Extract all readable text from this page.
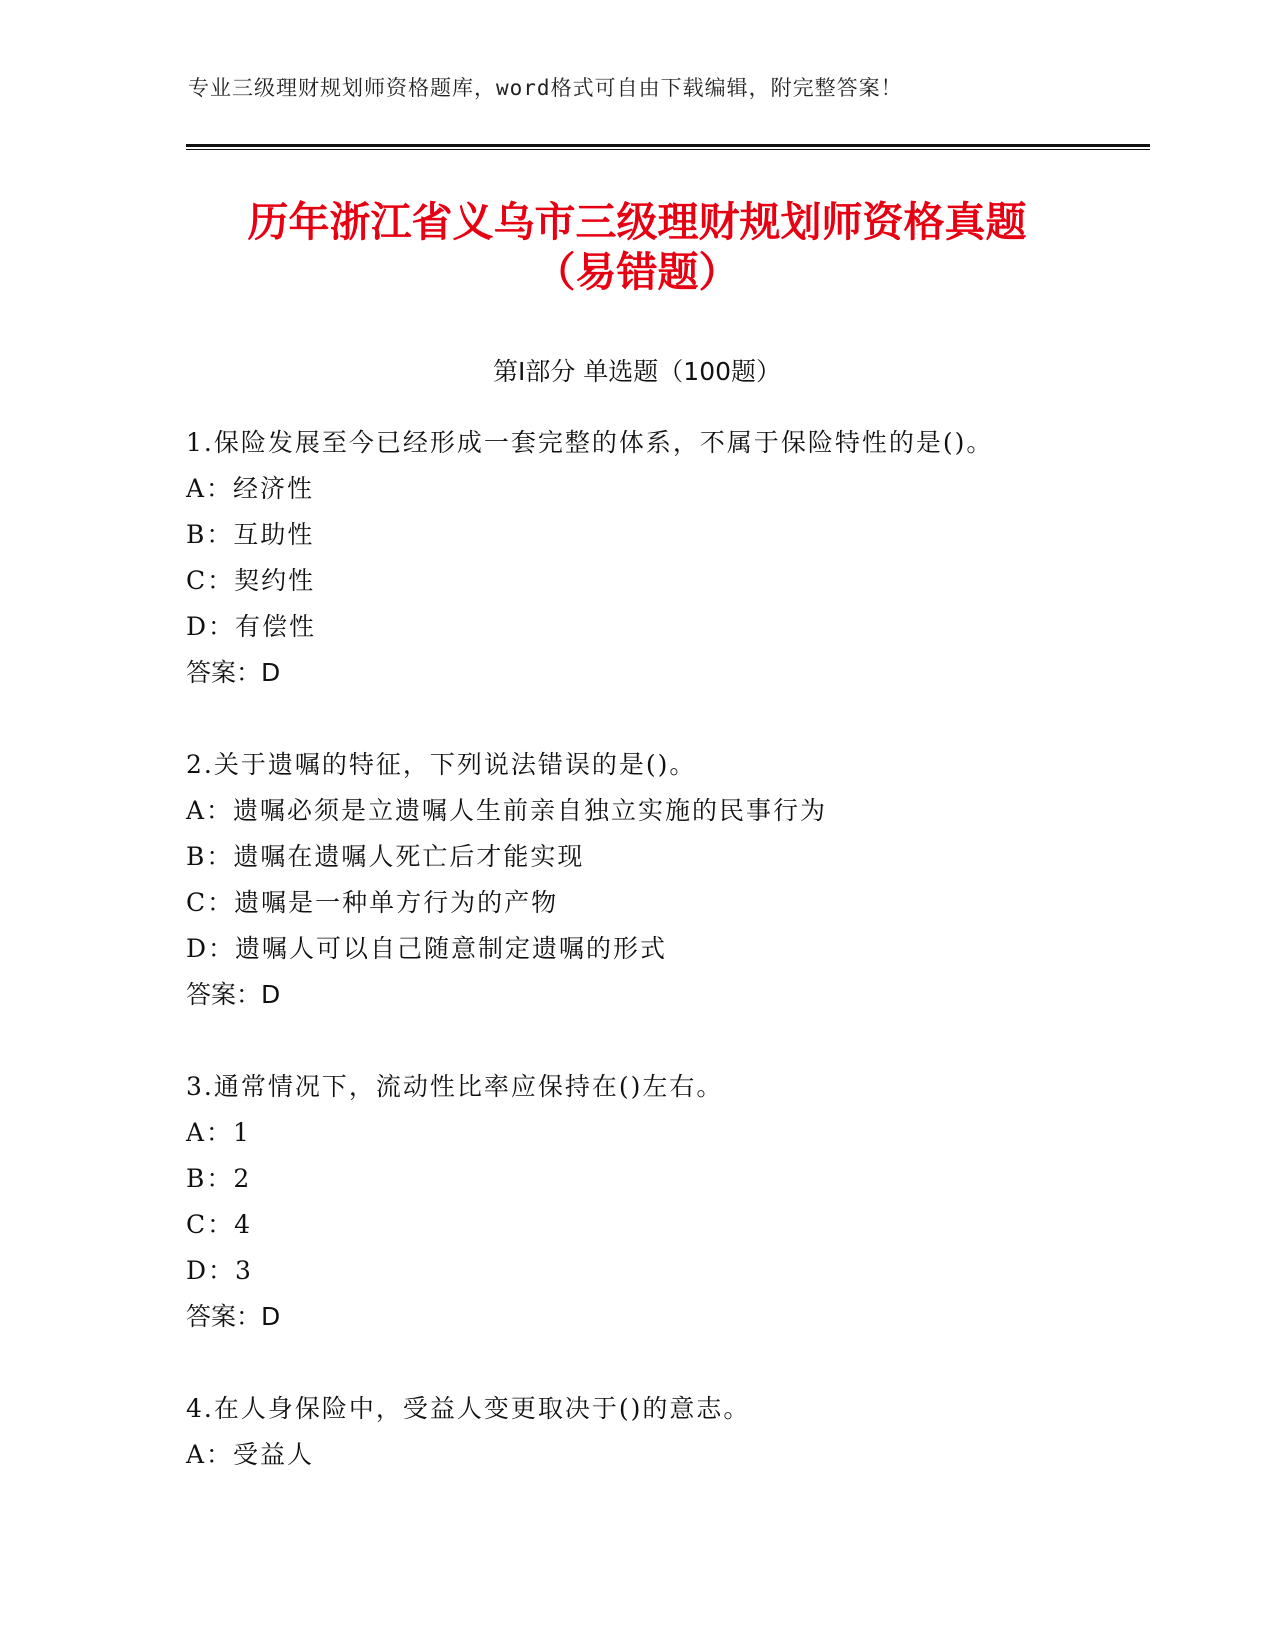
专业三级理财规划师资格题库，word格式可自由下载编辑，附完整答案！
历年浙江省义乌市三级理财规划师资格真题
（易错题）
第I部分 单选题（100题）
1.保险发展至今已经形成一套完整的体系，不属于保险特性的是()。
A：经济性
B：互助性
C：契约性
D：有偿性
答案：D
2.关于遗嘱的特征，下列说法错误的是()。
A：遗嘱必须是立遗嘱人生前亲自独立实施的民事行为
B：遗嘱在遗嘱人死亡后才能实现
C：遗嘱是一种单方行为的产物
D：遗嘱人可以自己随意制定遗嘱的形式
答案：D
3.通常情况下，流动性比率应保持在()左右。
A：1
B：2
C：4
D：3
答案：D
4.在人身保险中，受益人变更取决于()的意志。
A：受益人
